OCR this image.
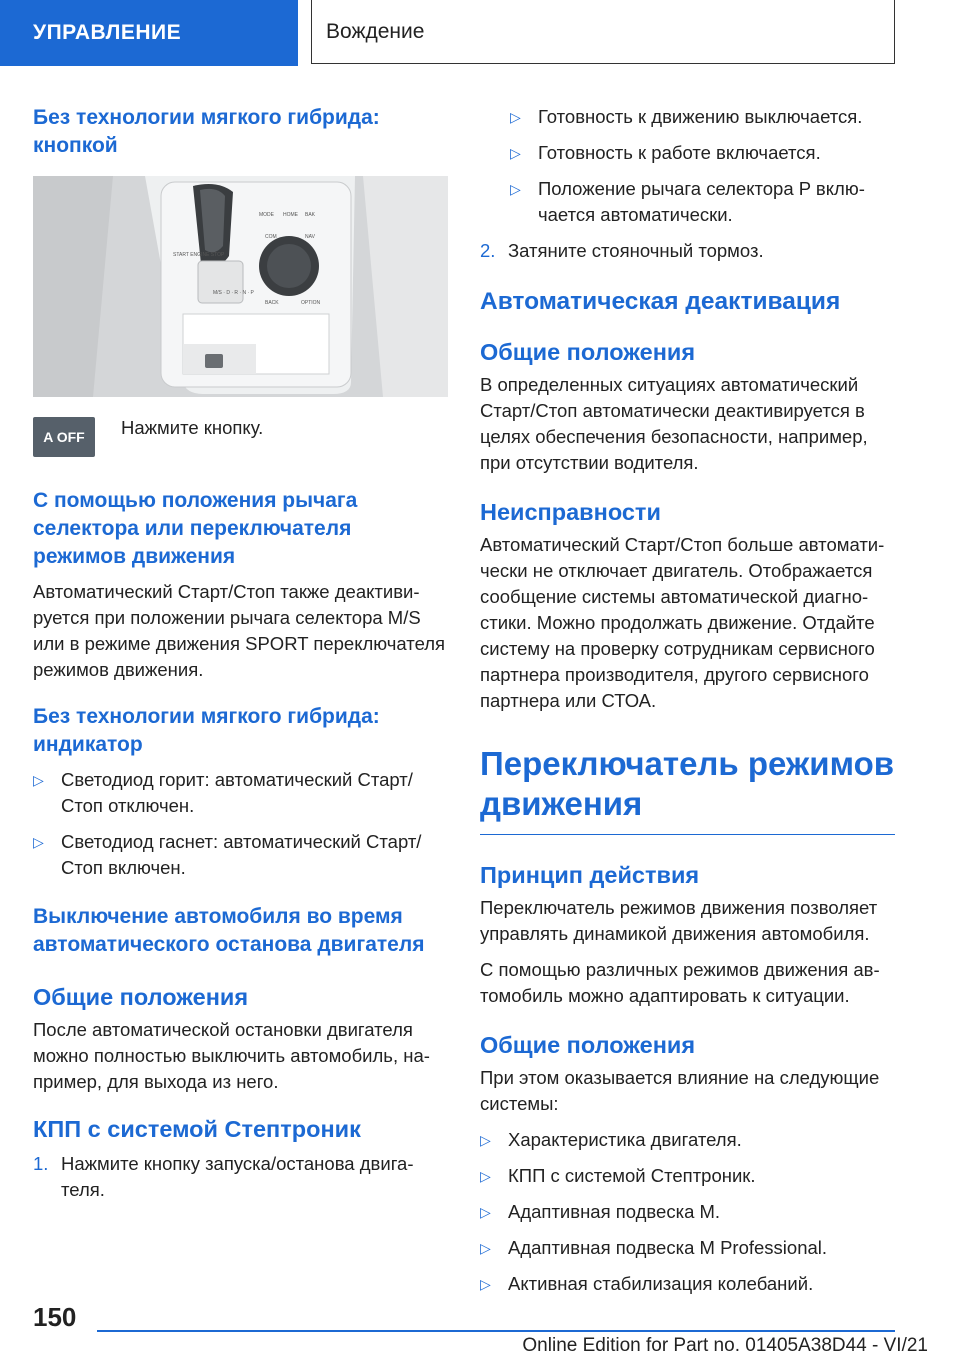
УПРАВЛЕНИЕ	Вождение
Без технологии мягкого гибрида: кнопкой
MODE HOME BAK
COM	NAV
BACK	OPTION
START ENGINE STOP
M/S · D · R · N · P
A OFF Нажмите кнопку.
С помощью положения рычага селектора или переключателя режимов движения

Автоматический Старт/Стоп также деактивируется при положении рычага селектора M/S или в режиме движения SPORT переключателя режимов движения.

Без технологии мягкого гибрида: индикатор
▷ Светодиод горит: автоматический Старт/ Стоп отключен.
▷ Светодиод гаснет: автоматический Старт/ Стоп включен.
Выключение автомобиля во время автоматического останова двигателя
Общие положения

После автоматической остановки двигателя можно полностью выключить автомобиль, например, для выхода из него.

КПП с системой Стептроник
1. Нажмите кнопку запуска/останова двигателя.
▷ Готовность к движению выключается.
▷ Готовность к работе включается.
▷ Положение рычага селектора P включается автоматически.
2. Затяните стояночный тормоз.
Автоматическая деактивация
Общие положения

В определенных ситуациях автоматический Старт/Стоп автоматически деактивируется в целях обеспечения безопасности, например, при отсутствии водителя.

Неисправности

Автоматический Старт/Стоп больше автоматически не отключает двигатель. Отображается сообщение системы автоматической диагностики. Можно продолжать движение. Отдайте систему на проверку сотрудникам сервисного партнера производителя, другого сервисного партнера или СТОА.

Переключатель режимов движения
Принцип действия

Переключатель режимов движения позволяет управлять динамикой движения автомобиля.

С помощью различных режимов движения автомобиль можно адаптировать к ситуации.

Общие положения

При этом оказывается влияние на следующие системы:

▷ Характеристика двигателя.
▷ КПП с системой Стептроник.
▷ Адаптивная подвеска M.
▷ Адаптивная подвеска M Professional.
▷ Активная стабилизация колебаний.
150
Online Edition for Part no. 01405A38D44 - VI/21
